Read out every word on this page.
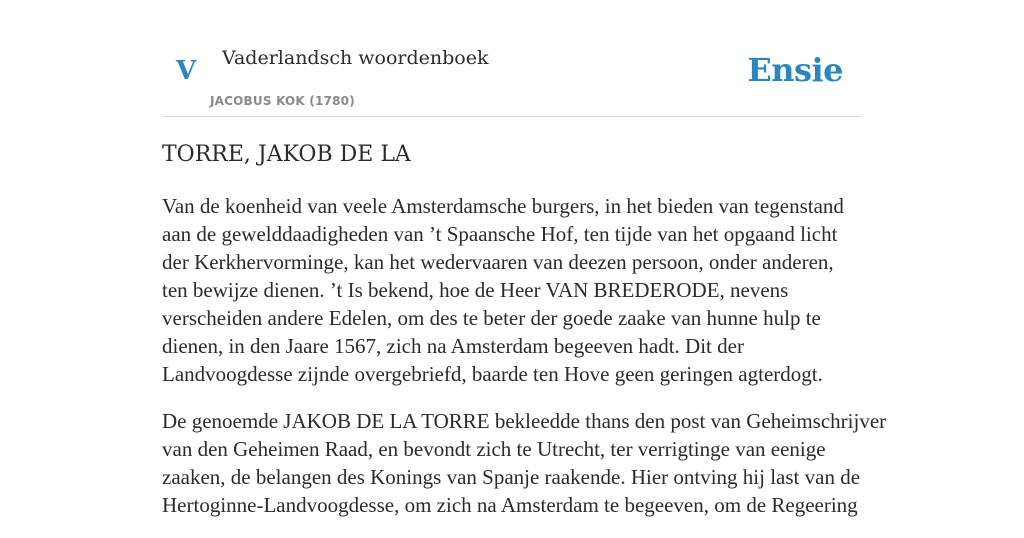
V Vaderlandsch woordenboek
JACOBUS KOK (1780)
Ensie
TORRE, JAKOB DE LA

Van de koenheid van veele Amsterdamsche burgers, in het bieden van tegenstand
aan de gewelddaadigheden van ’t Spaansche Hof, ten tijde van het opgaand licht
der Kerkhervorminge, kan het wedervaaren van deezen persoon, onder anderen,
ten bewijze dienen. ’t Is bekend, hoe de Heer VAN BREDERODE, nevens
verscheiden andere Edelen, om des te beter der goede zaake van hunne hulp te
dienen, in den Jaare 1567, zich na Amsterdam begeeven hadt. Dit der
Landvoogdesse zijnde overgebriefd, baarde ten Hove geen geringen agterdogt.

De genoemde JAKOB DE LA TORRE bekleedde thans den post van Geheimschrijver
van den Geheimen Raad, en bevondt zich te Utrecht, ter verrigtinge van eenige
zaaken, de belangen des Konings van Spanje raakende. Hier ontving hij last van de
Hertoginne-Landvoogdesse, om zich na Amsterdam te begeeven, om de Regeering
